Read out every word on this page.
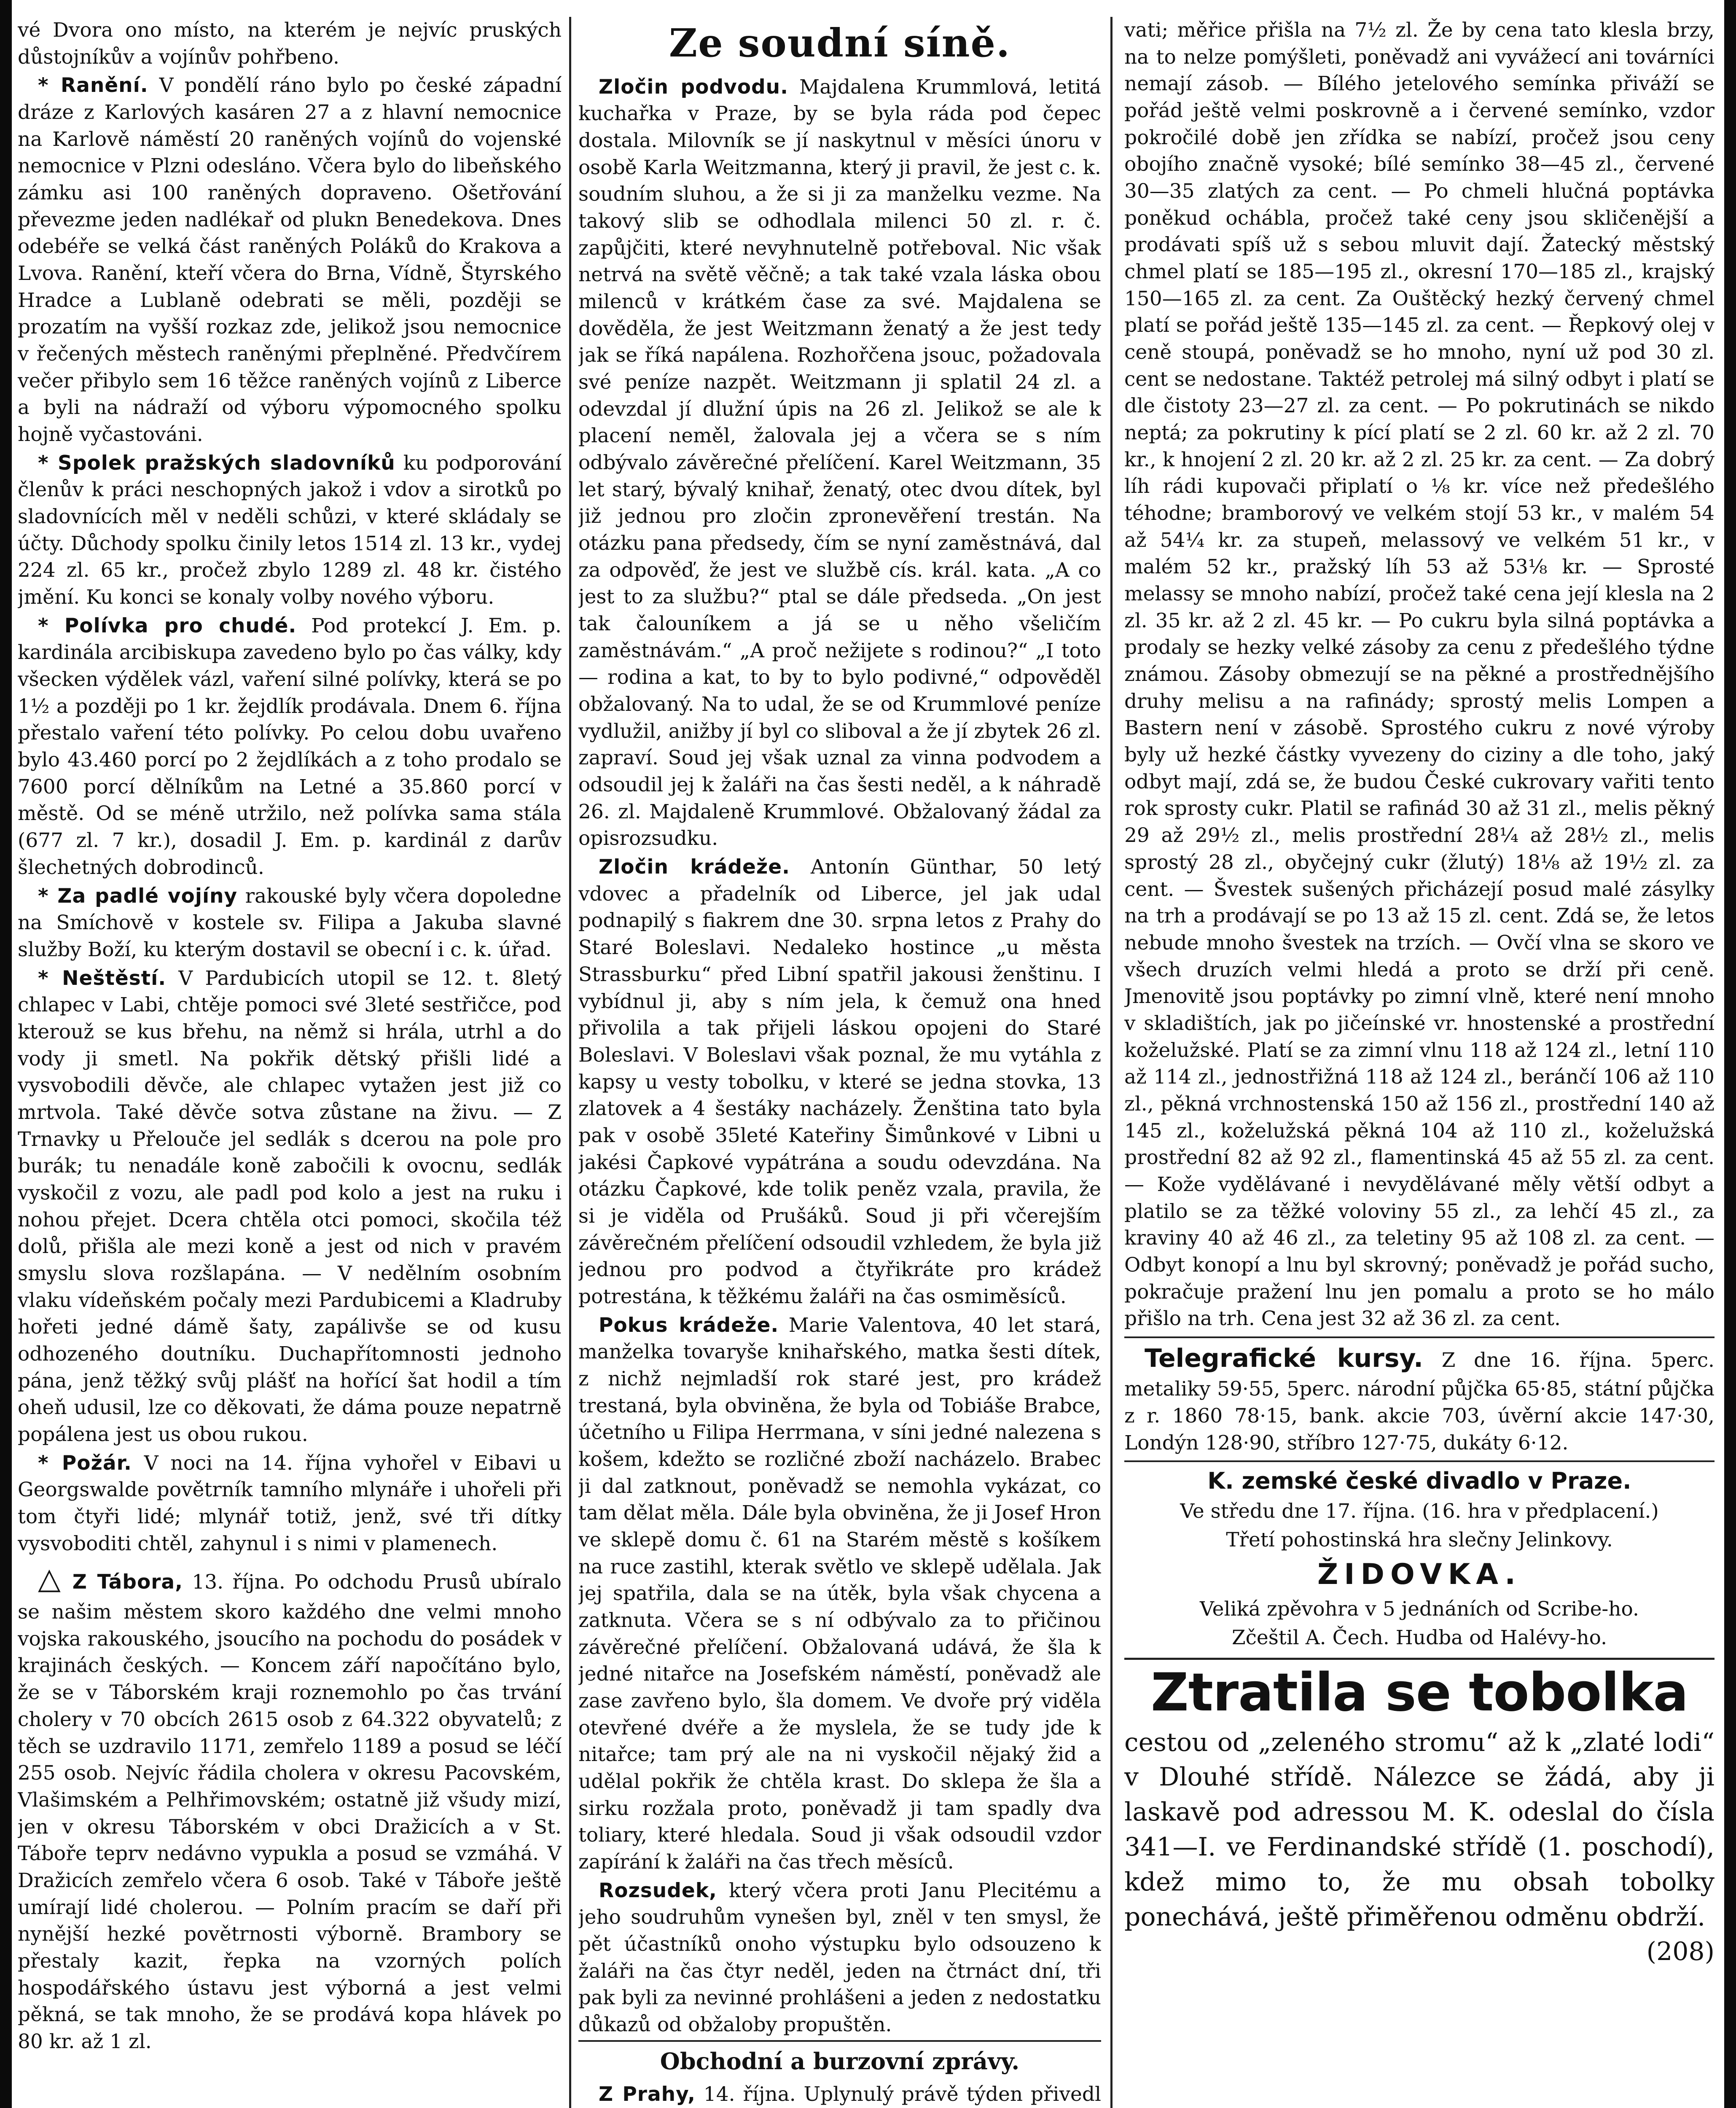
vé Dvora ono místo, na kterém je nejvíc pruských důstojníkův a vojínův pohřbeno.

* Ranění. V pondělí ráno bylo po české západní dráze z Karlových kasáren 27 a z hlavní nemocnice na Karlově náměstí 20 raněných vojínů do vojenské nemocnice v Plzni odesláno. Včera bylo do libeňského zámku asi 100 raněných dopraveno. Ošetřování převezme jeden nadlékař od plukn Benedekova. Dnes odebéře se velká část raněných Poláků do Krakova a Lvova. Ranění, kteří včera do Brna, Vídně, Štyrského Hradce a Lublaně odebrati se měli, později se prozatím na vyšší rozkaz zde, jelikož jsou nemocnice v řečených městech raněnými přeplněné. Předvčírem večer přibylo sem 16 těžce raněných vojínů z Liberce a byli na nádraží od výboru výpomocného spolku hojně vyčastováni.

* Spolek pražských sladovníků ku podporování členův k práci neschopných jakož i vdov a sirotků po sladovnících měl v neděli schůzi, v které skládaly se účty. Důchody spolku činily letos 1514 zl. 13 kr., vydej 224 zl. 65 kr., pročež zbylo 1289 zl. 48 kr. čistého jmění. Ku konci se konaly volby nového výboru.

* Polívka pro chudé. Pod protekcí J. Em. p. kardinála arcibiskupa zavedeno bylo po čas války, kdy všecken výdělek vázl, vaření silné polívky, která se po 1½ a později po 1 kr. žejdlík prodávala. Dnem 6. října přestalo vaření této polívky. Po celou dobu uvařeno bylo 43.460 porcí po 2 žejdlíkách a z toho prodalo se 7600 porcí dělníkům na Letné a 35.860 porcí v městě. Od se méně utržilo, než polívka sama stála (677 zl. 7 kr.), dosadil J. Em. p. kardinál z darův šlechetných dobrodinců.

* Za padlé vojíny rakouské byly včera dopoledne na Smíchově v kostele sv. Filipa a Jakuba slavné služby Boží, ku kterým dostavil se obecní i c. k. úřad.

* Neštěstí. V Pardubicích utopil se 12. t. 8letý chlapec v Labi, chtěje pomoci své 3leté sestřičce, pod kterouž se kus břehu, na němž si hrála, utrhl a do vody ji smetl. Na pokřik dětský přišli lidé a vysvobodili děvče, ale chlapec vytažen jest již co mrtvola. Také děvče sotva zůstane na živu. — Z Trnavky u Přelouče jel sedlák s dcerou na pole pro burák; tu nenadále koně zabočili k ovocnu, sedlák vyskočil z vozu, ale padl pod kolo a jest na ruku i nohou přejet. Dcera chtěla otci pomoci, skočila též dolů, přišla ale mezi koně a jest od nich v pravém smyslu slova rozšlapána. — V nedělním osobním vlaku vídeňském počaly mezi Pardubicemi a Kladruby hořeti jedné dámě šaty, zapálivše se od kusu odhozeného doutníku. Duchapřítomnosti jednoho pána, jenž těžký svůj plášť na hořící šat hodil a tím oheň udusil, lze co děkovati, že dáma pouze nepatrně popálena jest us obou rukou.

* Požár. V noci na 14. října vyhořel v Eibavi u Georgswalde povětrník tamního mlynáře i uhořeli při tom čtyři lidé; mlynář totiž, jenž, své tři dítky vysvoboditi chtěl, zahynul i s nimi v plamenech.

△ Z Tábora, 13. října. Po odchodu Prusů ubíralo se našim městem skoro každého dne velmi mnoho vojska rakouského, jsoucího na pochodu do posádek v krajinách českých. — Koncem září napočítáno bylo, že se v Táborském kraji roznemohlo po čas trvání cholery v 70 obcích 2615 osob z 64.322 obyvatelů; z těch se uzdravilo 1171, zemřelo 1189 a posud se léčí 255 osob. Nejvíc řádila cholera v okresu Pacovském, Vlašimském a Pelhřimovském; ostatně již všudy mizí, jen v okresu Táborském v obci Dražicích a v St. Táboře teprv nedávno vypukla a posud se vzmáhá. V Dražicích zemřelo včera 6 osob. Také v Táboře ještě umírají lidé cholerou. — Polním pracím se daří při nynější hezké povětrnosti výborně. Brambory se přestaly kazit, řepka na vzorných polích hospodářského ústavu jest výborná a jest velmi pěkná, se tak mnoho, že se prodává kopa hlávek po 80 kr. až 1 zl.

Ze soudní síně.

Zločin podvodu. Majdalena Krummlová, letitá kuchařka v Praze, by se byla ráda pod čepec dostala. Milovník se jí naskytnul v měsíci únoru v osobě Karla Weitzmanna, který ji pravil, že jest c. k. soudním sluhou, a že si ji za manželku vezme. Na takový slib se odhodlala milenci 50 zl. r. č. zapůjčiti, které nevyhnutelně potřeboval. Nic však netrvá na světě věčně; a tak také vzala láska obou milenců v krátkém čase za své. Majdalena se dověděla, že jest Weitzmann ženatý a že jest tedy jak se říká napálena. Rozhořčena jsouc, požadovala své peníze nazpět. Weitzmann ji splatil 24 zl. a odevzdal jí dlužní úpis na 26 zl. Jelikož se ale k placení neměl, žalovala jej a včera se s ním odbývalo závěrečné přelíčení. Karel Weitzmann, 35 let starý, bývalý knihař, ženatý, otec dvou dítek, byl již jednou pro zločin zpronevěření trestán. Na otázku pana předsedy, čím se nyní zaměstnává, dal za odpověď, že jest ve službě cís. král. kata. „A co jest to za službu?“ ptal se dále předseda. „On jest tak čalouníkem a já se u něho všeličím zaměstnávám.“ „A proč nežijete s rodinou?“ „I toto — rodina a kat, to by to bylo podivné,“ odpověděl obžalovaný. Na to udal, že se od Krummlové peníze vydlužil, anižby jí byl co sliboval a že jí zbytek 26 zl. zapraví. Soud jej však uznal za vinna podvodem a odsoudil jej k žaláři na čas šesti neděl, a k náhradě 26. zl. Majdaleně Krummlové. Obžalovaný žádal za opisrozsudku.

Zločin krádeže. Antonín Günthar, 50 letý vdovec a přadelník od Liberce, jel jak udal podnapilý s fiakrem dne 30. srpna letos z Prahy do Staré Boleslavi. Nedaleko hostince „u města Strassburku“ před Libní spatřil jakousi ženštinu. I vybídnul ji, aby s ním jela, k čemuž ona hned přivolila a tak přijeli láskou opojeni do Staré Boleslavi. V Boleslavi však poznal, že mu vytáhla z kapsy u vesty tobolku, v které se jedna stovka, 13 zlatovek a 4 šestáky nacházely. Ženština tato byla pak v osobě 35leté Kateřiny Šimůnkové v Libni u jakési Čapkové vypátrána a soudu odevzdána. Na otázku Čapkové, kde tolik peněz vzala, pravila, že si je viděla od Prušáků. Soud ji při včerejším závěrečném přelíčení odsoudil vzhledem, že byla již jednou pro podvod a čtyřikráte pro krádež potrestána, k těžkému žaláři na čas osmiměsíců.

Pokus krádeže. Marie Valentova, 40 let stará, manželka tovaryše knihařského, matka šesti dítek, z nichž nejmladší rok staré jest, pro krádež trestaná, byla obviněna, že byla od Tobiáše Brabce, účetního u Filipa Herrmana, v síni jedné nalezena s košem, kdežto se rozličné zboží nacházelo. Brabec ji dal zatknout, poněvadž se nemohla vykázat, co tam dělat měla. Dále byla obviněna, že ji Josef Hron ve sklepě domu č. 61 na Starém městě s košíkem na ruce zastihl, kterak světlo ve sklepě udělala. Jak jej spatřila, dala se na útěk, byla však chycena a zatknuta. Včera se s ní odbývalo za to přičinou závěrečné přelíčení. Obžalovaná udává, že šla k jedné nitařce na Josefském náměstí, poněvadž ale zase zavřeno bylo, šla domem. Ve dvoře prý viděla otevřené dvéře a že myslela, že se tudy jde k nitařce; tam prý ale na ni vyskočil nějaký žid a udělal pokřik že chtěla krast. Do sklepa že šla a sirku rozžala proto, poněvadž ji tam spadly dva toliary, které hledala. Soud ji však odsoudil vzdor zapírání k žaláři na čas třech měsíců.

Rozsudek, který včera proti Janu Plecitému a jeho soudruhům vynešen byl, zněl v ten smysl, že pět účastníků onoho výstupku bylo odsouzeno k žaláři na čas čtyr neděl, jeden na čtrnáct dní, tři pak byli za nevinné prohlášeni a jeden z nedostatku důkazů od obžaloby propuštěn.

Obchodní a burzovní zprávy.

Z Prahy, 14. října. Uplynulý právě týden přivedl

vati; měřice přišla na 7½ zl. Že by cena tato klesla brzy, na to nelze pomýšleti, poněvadž ani vyvážecí ani továrníci nemají zásob. — Bílého jetelového semínka přiváží se pořád ještě velmi poskrovně a i červené semínko, vzdor pokročilé době jen zřídka se nabízí, pročež jsou ceny obojího značně vysoké; bílé semínko 38—45 zl., červené 30—35 zlatých za cent. — Po chmeli hlučná poptávka poněkud ochábla, pročež také ceny jsou skličenější a prodávati spíš už s sebou mluvit dají. Žatecký městský chmel platí se 185—195 zl., okresní 170—185 zl., krajský 150—165 zl. za cent. Za Ouštěcký hezký červený chmel platí se pořád ještě 135—145 zl. za cent. — Řepkový olej v ceně stoupá, poněvadž se ho mnoho, nyní už pod 30 zl. cent se nedostane. Taktéž petrolej má silný odbyt i platí se dle čistoty 23—27 zl. za cent. — Po pokrutinách se nikdo neptá; za pokrutiny k pící platí se 2 zl. 60 kr. až 2 zl. 70 kr., k hnojení 2 zl. 20 kr. až 2 zl. 25 kr. za cent. — Za dobrý líh rádi kupovači připlatí o ⅛ kr. více než předešlého téhodne; bramborový ve velkém stojí 53 kr., v malém 54 až 54¼ kr. za stupeň, melassový ve velkém 51 kr., v malém 52 kr., pražský líh 53 až 53⅛ kr. — Sprosté melassy se mnoho nabízí, pročež také cena její klesla na 2 zl. 35 kr. až 2 zl. 45 kr. — Po cukru byla silná poptávka a prodaly se hezky velké zásoby za cenu z předešlého týdne známou. Zásoby obmezují se na pěkné a prostřednějšího druhy melisu a na rafinády; sprostý melis Lompen a Bastern není v zásobě. Sprostého cukru z nové výroby byly už hezké částky vyvezeny do ciziny a dle toho, jaký odbyt mají, zdá se, že budou České cukrovary vařiti tento rok sprosty cukr. Platil se rafinád 30 až 31 zl., melis pěkný 29 až 29½ zl., melis prostřední 28¼ až 28½ zl., melis sprostý 28 zl., obyčejný cukr (žlutý) 18⅛ až 19½ zl. za cent. — Švestek sušených přicházejí posud malé zásylky na trh a prodávají se po 13 až 15 zl. cent. Zdá se, že letos nebude mnoho švestek na trzích. — Ovčí vlna se skoro ve všech druzích velmi hledá a proto se drží při ceně. Jmenovitě jsou poptávky po zimní vlně, které není mnoho v skladištích, jak po jičeínské vr. hnostenské a prostřední koželužské. Platí se za zimní vlnu 118 až 124 zl., letní 110 až 114 zl., jednostřižná 118 až 124 zl., beránčí 106 až 110 zl., pěkná vrchnostenská 150 až 156 zl., prostřední 140 až 145 zl., koželužská pěkná 104 až 110 zl., koželužská prostřední 82 až 92 zl., flamentinská 45 až 55 zl. za cent. — Kože vydělávané i nevydělávané měly větší odbyt a platilo se za těžké voloviny 55 zl., za lehčí 45 zl., za kraviny 40 až 46 zl., za teletiny 95 až 108 zl. za cent. — Odbyt konopí a lnu byl skrovný; poněvadž je pořád sucho, pokračuje pražení lnu jen pomalu a proto se ho málo přišlo na trh. Cena jest 32 až 36 zl. za cent.

Telegrafické kursy. Z dne 16. října. 5perc. metaliky 59·55, 5perc. národní půjčka 65·85, státní půjčka z r. 1860 78·15, bank. akcie 703, úvěrní akcie 147·30, Londýn 128·90, stříbro 127·75, dukáty 6·12.

K. zemské české divadlo v Praze.

Ve středu dne 17. října. (16. hra v předplacení.)

Třetí pohostinská hra slečny Jelinkovy.

ŽIDOVKA.

Veliká zpěvohra v 5 jednáních od Scribe-ho.

Zčeštil A. Čech. Hudba od Halévy-ho.

Ztratila se tobolka

cestou od „zeleného stromu“ až k „zlaté lodi“ v Dlouhé střídě. Nálezce se žádá, aby ji laskavě pod adressou M. K. odeslal do čísla 341—I. ve Ferdinandské střídě (1. poschodí), kdež mimo to, že mu obsah tobolky ponechává, ještě přiměřenou odměnu obdrží.
(208)
